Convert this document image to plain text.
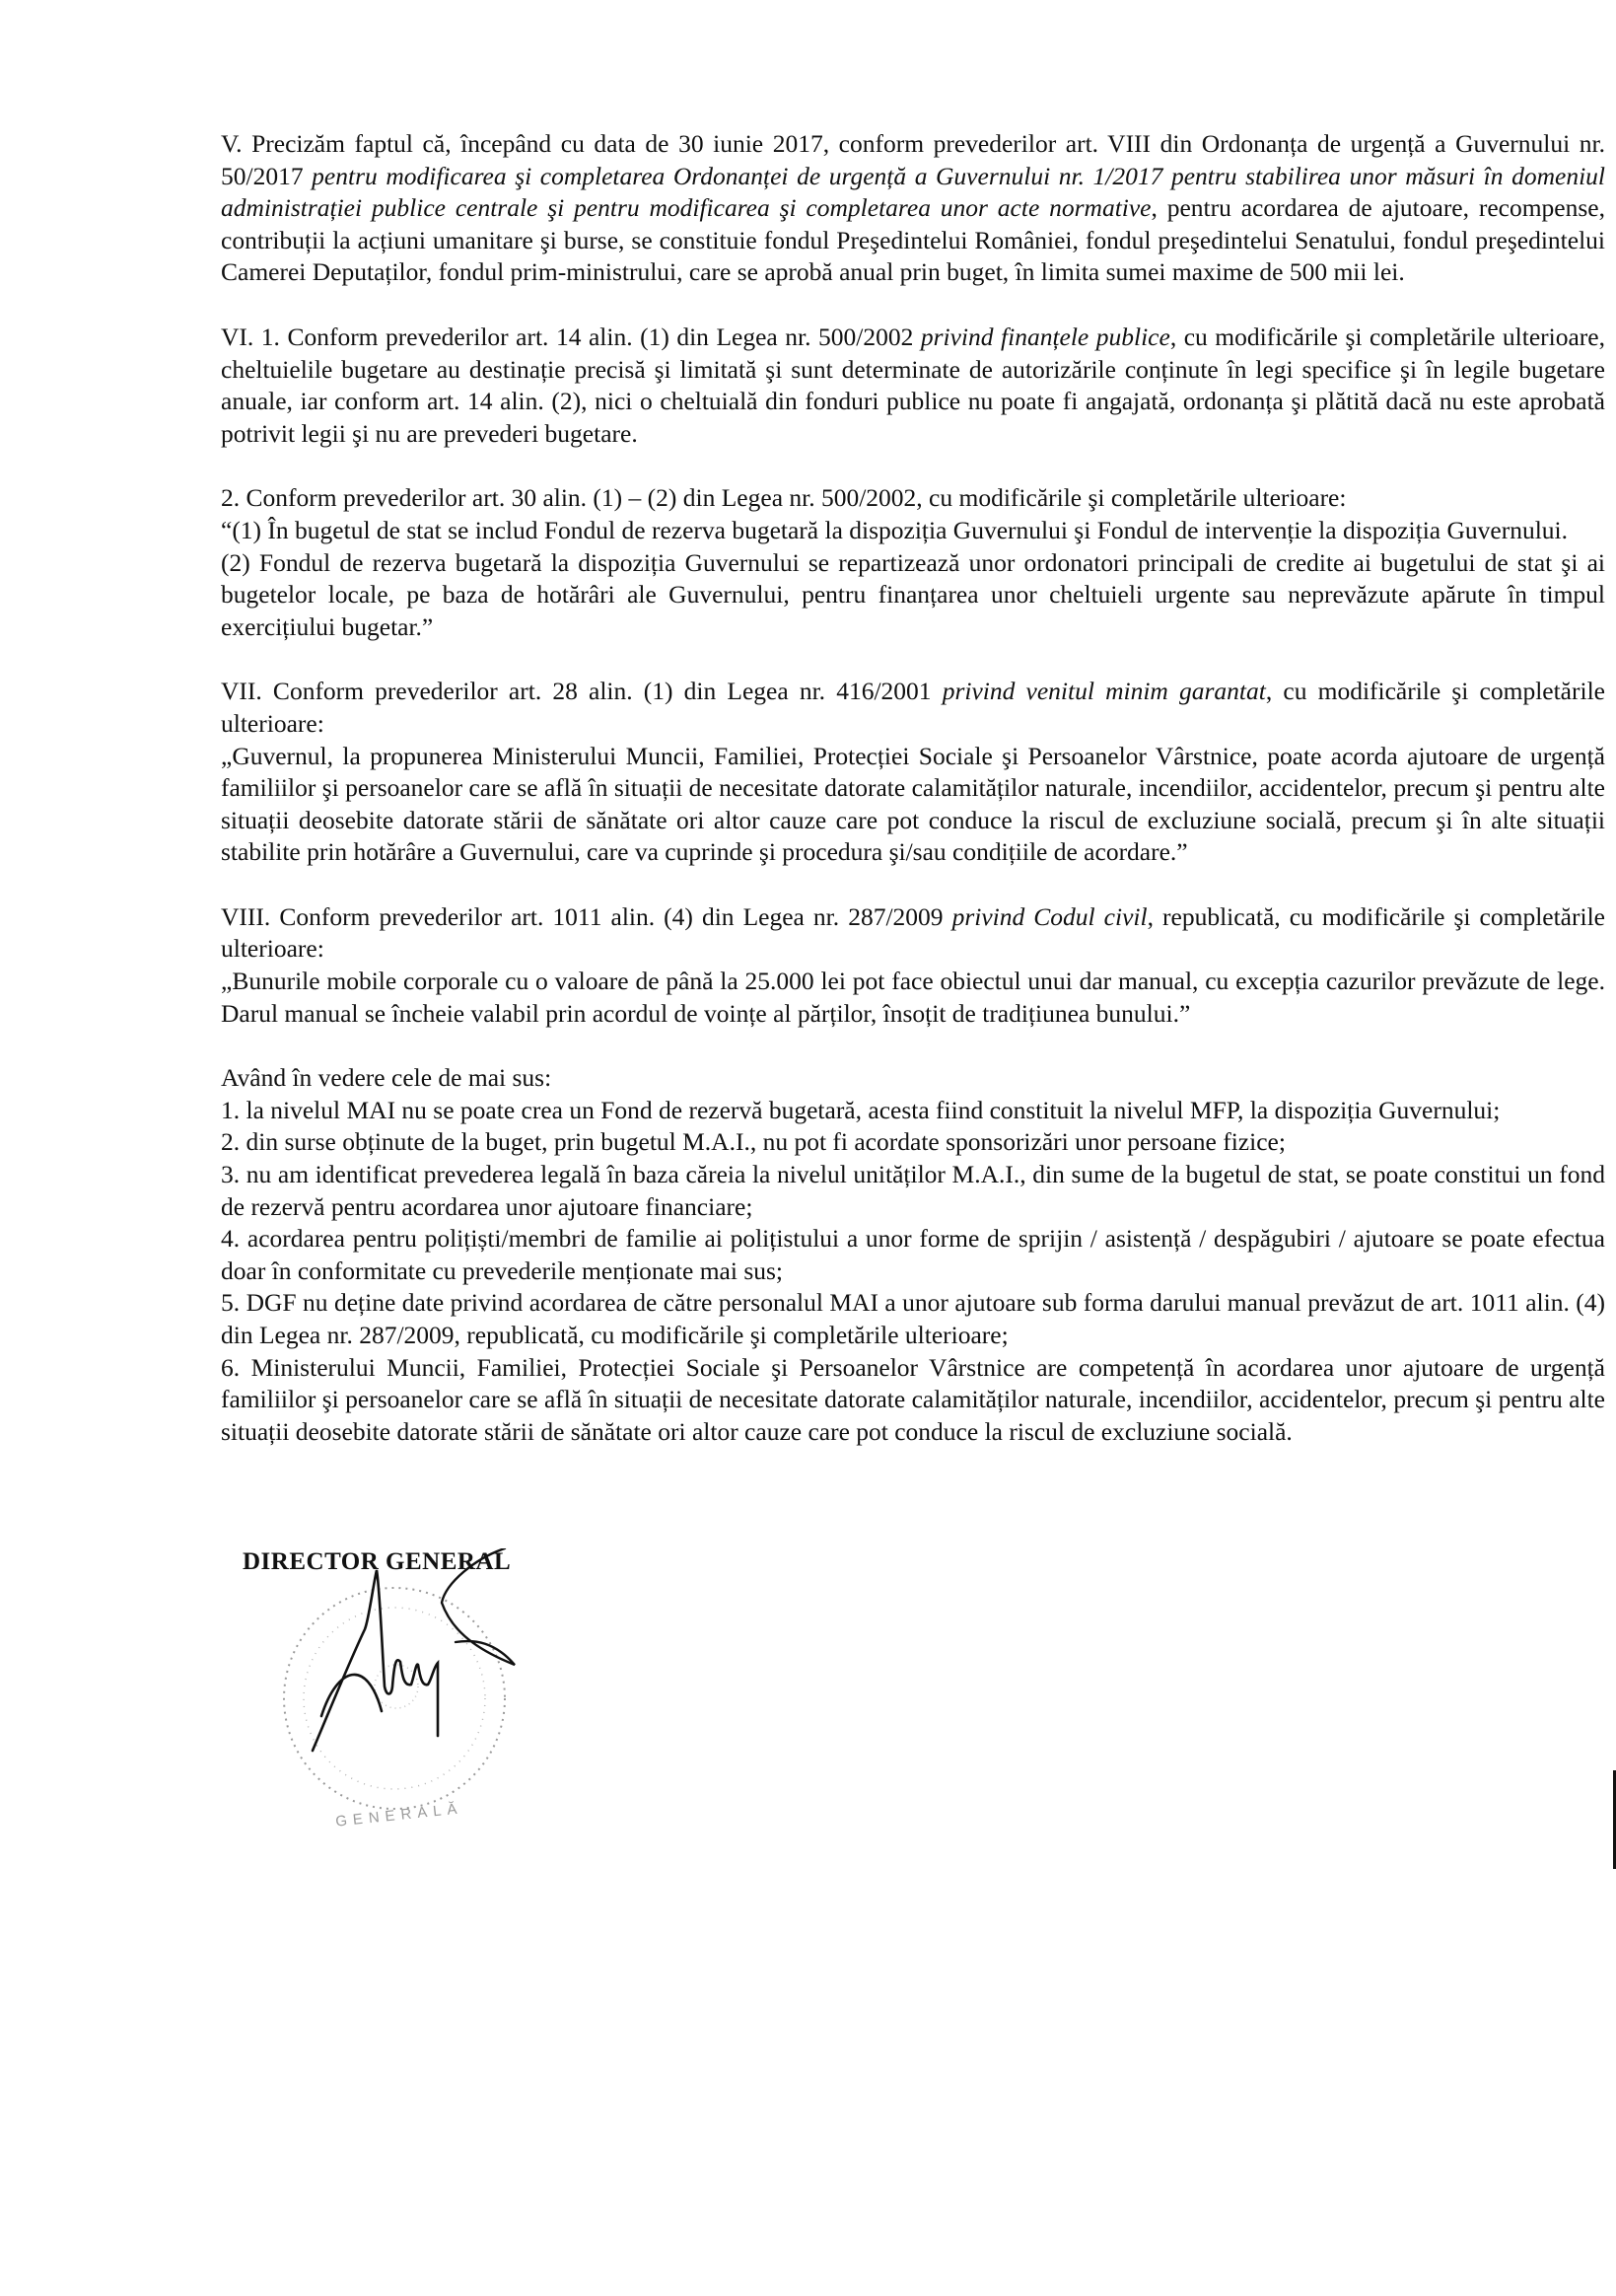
V. Precizăm faptul că, începând cu data de 30 iunie 2017, conform prevederilor art. VIII din Ordonanța de urgență a Guvernului nr. 50/2017 pentru modificarea şi completarea Ordonanței de urgență a Guvernului nr. 1/2017 pentru stabilirea unor măsuri în domeniul administrației publice centrale şi pentru modificarea şi completarea unor acte normative, pentru acordarea de ajutoare, recompense, contribuții la acțiuni umanitare şi burse, se constituie fondul Preşedintelui României, fondul preşedintelui Senatului, fondul preşedintelui Camerei Deputaților, fondul prim-ministrului, care se aprobă anual prin buget, în limita sumei maxime de 500 mii lei.

VI. 1. Conform prevederilor art. 14 alin. (1) din Legea nr. 500/2002 privind finanțele publice, cu modificările şi completările ulterioare, cheltuielile bugetare au destinație precisă şi limitată şi sunt determinate de autorizările conținute în legi specifice şi în legile bugetare anuale, iar conform art. 14 alin. (2), nici o cheltuială din fonduri publice nu poate fi angajată, ordonanța şi plătită dacă nu este aprobată potrivit legii şi nu are prevederi bugetare.

2. Conform prevederilor art. 30 alin. (1) – (2) din Legea nr. 500/2002, cu modificările şi completările ulterioare:

“(1) În bugetul de stat se includ Fondul de rezerva bugetară la dispoziția Guvernului şi Fondul de intervenție la dispoziția Guvernului.

(2) Fondul de rezerva bugetară la dispoziția Guvernului se repartizează unor ordonatori principali de credite ai bugetului de stat şi ai bugetelor locale, pe baza de hotărâri ale Guvernului, pentru finanțarea unor cheltuieli urgente sau neprevăzute apărute în timpul exercițiului bugetar.”

VII. Conform prevederilor art. 28 alin. (1) din Legea nr. 416/2001 privind venitul minim garantat, cu modificările şi completările ulterioare:

„Guvernul, la propunerea Ministerului Muncii, Familiei, Protecției Sociale şi Persoanelor Vârstnice, poate acorda ajutoare de urgență familiilor şi persoanelor care se află în situații de necesitate datorate calamităților naturale, incendiilor, accidentelor, precum şi pentru alte situații deosebite datorate stării de sănătate ori altor cauze care pot conduce la riscul de excluziune socială, precum şi în alte situații stabilite prin hotărâre a Guvernului, care va cuprinde şi procedura şi/sau condițiile de acordare.”

VIII. Conform prevederilor art. 1011 alin. (4) din Legea nr. 287/2009 privind Codul civil, republicată, cu modificările şi completările ulterioare:

„Bunurile mobile corporale cu o valoare de până la 25.000 lei pot face obiectul unui dar manual, cu excepția cazurilor prevăzute de lege. Darul manual se încheie valabil prin acordul de voințe al părților, însoțit de tradițiunea bunului.”

Având în vedere cele de mai sus:

1. la nivelul MAI nu se poate crea un Fond de rezervă bugetară, acesta fiind constituit la nivelul MFP, la dispoziția Guvernului;

2. din surse obținute de la buget, prin bugetul M.A.I., nu pot fi acordate sponsorizări unor persoane fizice;

3. nu am identificat prevederea legală în baza căreia la nivelul unităților M.A.I., din sume de la bugetul de stat, se poate constitui un fond de rezervă pentru acordarea unor ajutoare financiare;

4. acordarea pentru polițiști/membri de familie ai polițistului a unor forme de sprijin / asistență / despăgubiri / ajutoare se poate efectua doar în conformitate cu prevederile menționate mai sus;

5. DGF nu deține date privind acordarea de către personalul MAI a unor ajutoare sub forma darului manual prevăzut de art. 1011 alin. (4) din Legea nr. 287/2009, republicată, cu modificările şi completările ulterioare;

6. Ministerului Muncii, Familiei, Protecției Sociale şi Persoanelor Vârstnice are competență în acordarea unor ajutoare de urgență familiilor şi persoanelor care se află în situații de necesitate datorate calamităților naturale, incendiilor, accidentelor, precum şi pentru alte situații deosebite datorate stării de sănătate ori altor cauze care pot conduce la riscul de excluziune socială.

DIRECTOR GENERAL
GENERALĂ
